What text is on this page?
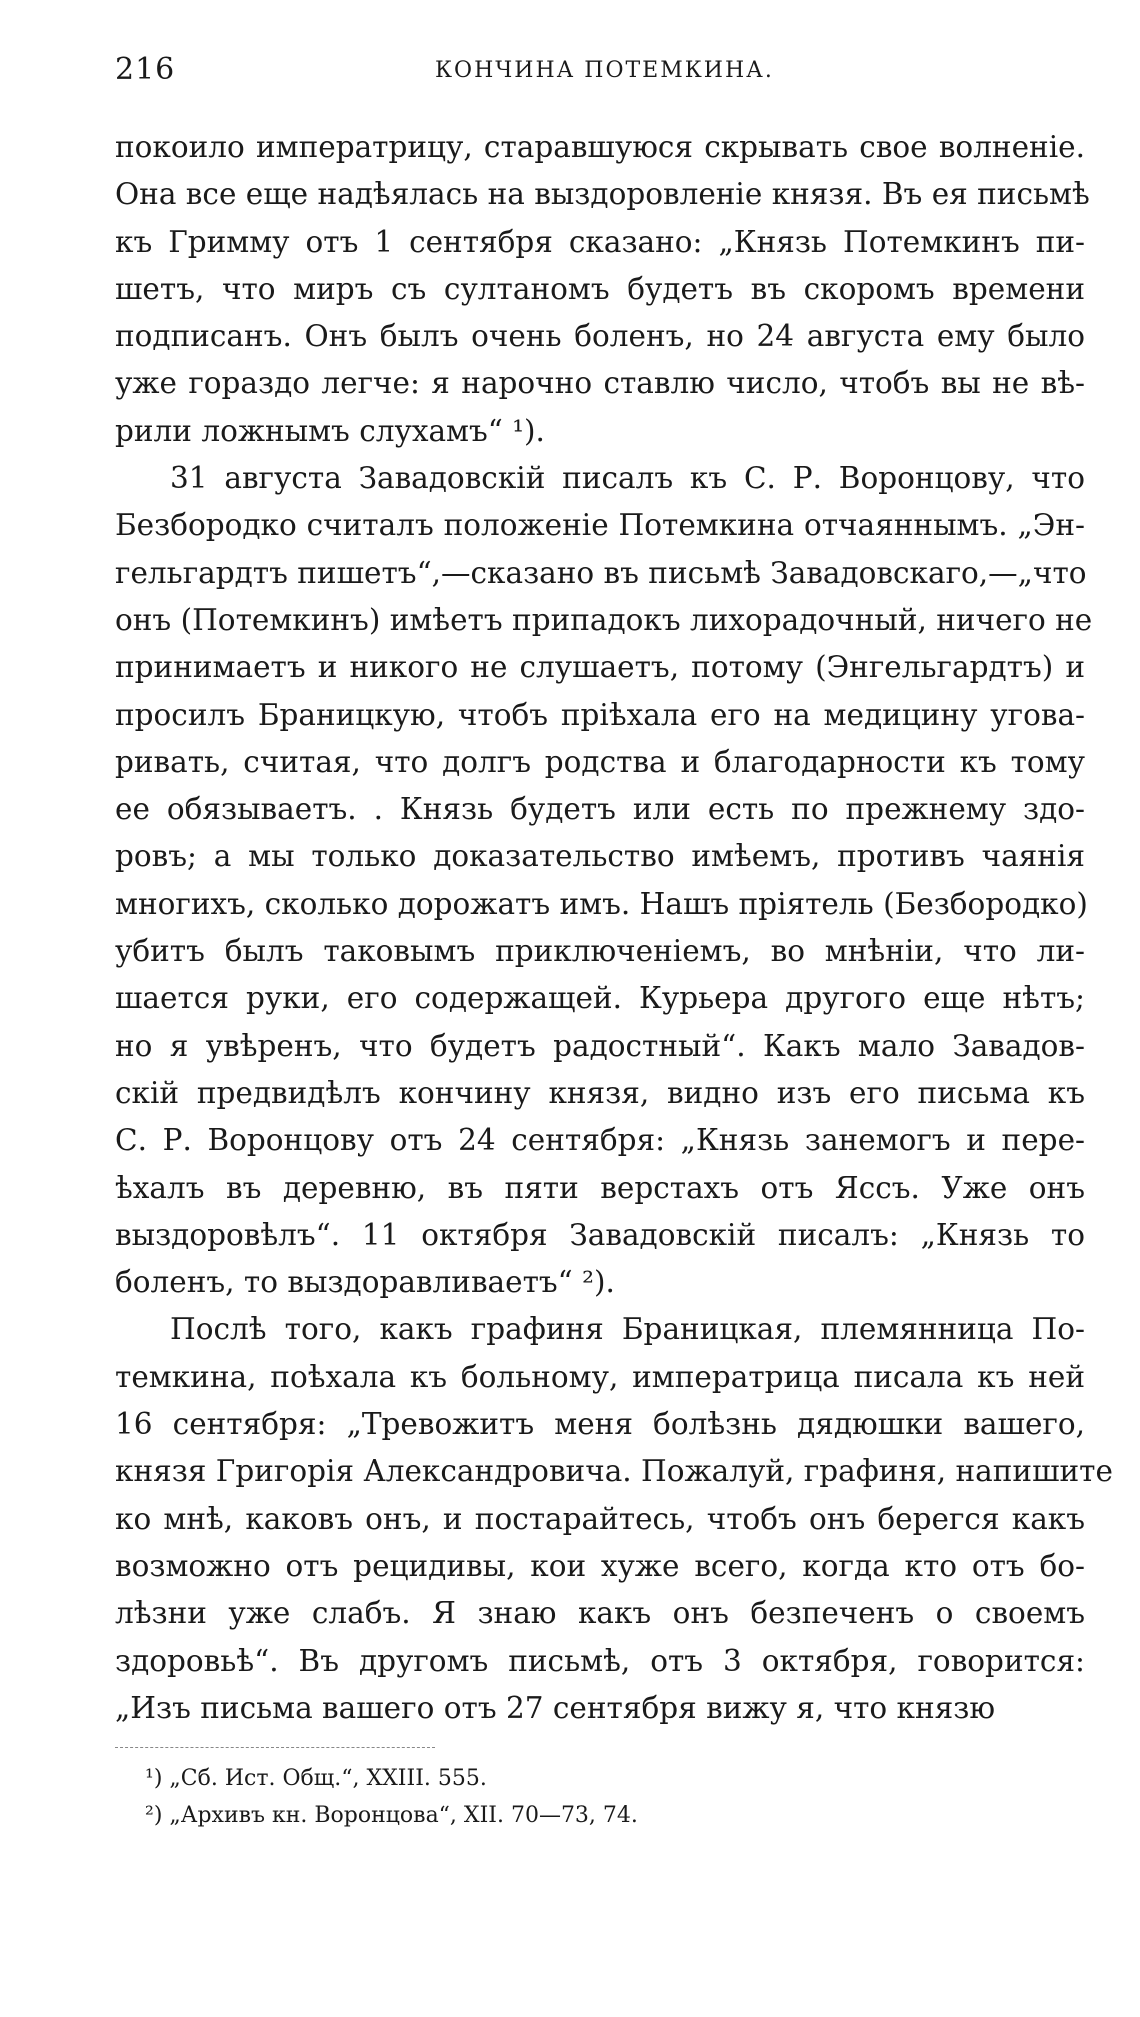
216	КОНЧИНА ПОТЕМКИНА.
покоило императрицу, старавшуюся скрывать свое волненіе.
Она все еще надѣялась на выздоровленіе князя. Въ ея письмѣ
къ Гримму отъ 1 сентября сказано: „Князь Потемкинъ пи-
шетъ, что миръ съ султаномъ будетъ въ скоромъ времени
подписанъ. Онъ былъ очень боленъ, но 24 августа ему было
уже гораздо легче: я нарочно ставлю число, чтобъ вы не вѣ-
рили ложнымъ слухамъ“ ¹).
31 августа Завадовскій писалъ къ С. Р. Воронцову, что
Безбородко считалъ положеніе Потемкина отчаяннымъ. „Эн-
гельгардтъ пишетъ“,—сказано въ письмѣ Завадовскаго,—„что
онъ (Потемкинъ) имѣетъ припадокъ лихорадочный, ничего не
принимаетъ и никого не слушаетъ, потому (Энгельгардтъ) и
просилъ Браницкую, чтобъ пріѣхала его на медицину угова-
ривать, считая, что долгъ родства и благодарности къ тому
ее обязываетъ. . Князь будетъ или есть по прежнему здо-
ровъ; а мы только доказательство имѣемъ, противъ чаянія
многихъ, сколько дорожатъ имъ. Нашъ пріятель (Безбородко)
убитъ былъ таковымъ приключеніемъ, во мнѣніи, что ли-
шается руки, его содержащей. Курьера другого еще нѣтъ;
но я увѣренъ, что будетъ радостный“. Какъ мало Завадов-
скій предвидѣлъ кончину князя, видно изъ его письма къ
С. Р. Воронцову отъ 24 сентября: „Князь занемогъ и пере-
ѣхалъ въ деревню, въ пяти верстахъ отъ Яссъ. Уже онъ
выздоровѣлъ“. 11 октября Завадовскій писалъ: „Князь то
боленъ, то выздоравливаетъ“ ²).
Послѣ того, какъ графиня Браницкая, племянница По-
темкина, поѣхала къ больному, императрица писала къ ней
16 сентября: „Тревожитъ меня болѣзнь дядюшки вашего,
князя Григорія Александровича. Пожалуй, графиня, напишите
ко мнѣ, каковъ онъ, и постарайтесь, чтобъ онъ берегся какъ
возможно отъ рецидивы, кои хуже всего, когда кто отъ бо-
лѣзни уже слабъ. Я знаю какъ онъ безпеченъ о своемъ
здоровьѣ“. Въ другомъ письмѣ, отъ 3 октября, говорится:
„Изъ письма вашего отъ 27 сентября вижу я, что князю
¹) „Сб. Ист. Общ.“, XXIII. 555.
²) „Архивъ кн. Воронцова“, XII. 70—73, 74.
